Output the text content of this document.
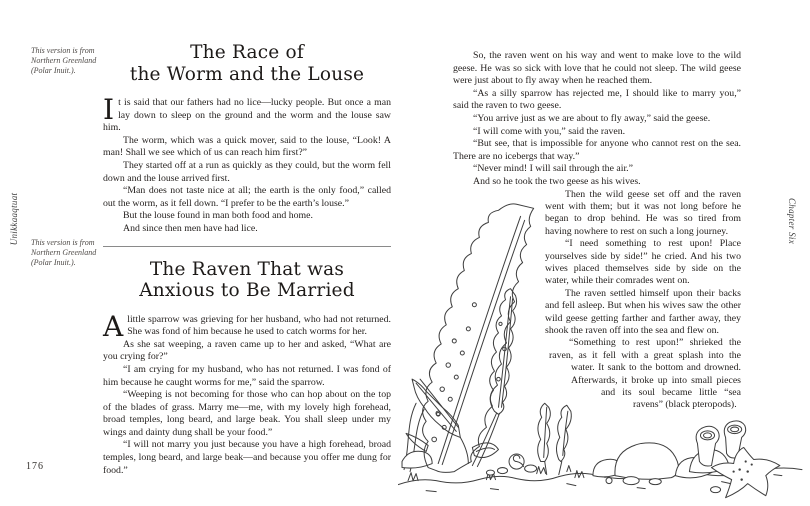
Unikkaaqtuat	Chapter Six
176
This version is from Northern Greenland (Polar Inuit.).
This version is from Northern Greenland (Polar Inuit.).
The Race of
the Worm and the Louse

It is said that our fathers had no lice—lucky people. But once a man lay down to sleep on the ground and the worm and the louse saw him.

The worm, which was a quick mover, said to the louse, “Look! A man! Shall we see which of us can reach him first?”

They started off at a run as quickly as they could, but the worm fell down and the louse arrived first.

“Man does not taste nice at all; the earth is the only food,” called out the worm, as it fell down. “I prefer to be the earth’s louse.”

But the louse found in man both food and home.

And since then men have had lice.

The Raven That was
Anxious to Be Married

Alittle sparrow was grieving for her husband, who had not returned. She was fond of him because he used to catch worms for her.

As she sat weeping, a raven came up to her and asked, “What are you crying for?”

“I am crying for my husband, who has not returned. I was fond of him because he caught worms for me,” said the sparrow.

“Weeping is not becoming for those who can hop about on the top of the blades of grass. Marry me—me, with my lovely high forehead, broad temples, long beard, and large beak. You shall sleep under my wings and dainty dung shall be your food.”

“I will not marry you just because you have a high forehead, broad temples, long beard, and large beak—and because you offer me dung for food.”

So, the raven went on his way and went to make love to the wild geese. He was so sick with love that he could not sleep. The wild geese were just about to fly away when he reached them.

“As a silly sparrow has rejected me, I should like to marry you,” said the raven to two geese.

“You arrive just as we are about to fly away,” said the geese.

“I will come with you,” said the raven.

“But see, that is impossible for anyone who cannot rest on the sea. There are no icebergs that way.”

“Never mind! I will sail through the air.”

And so he took the two geese as his wives.

Then the wild geese set off and the raven went with them; but it was not long before he began to drop behind. He was so tired from having nowhere to rest on such a long journey.

“I need something to rest upon! Place yourselves side by side!” he cried. And his two wives placed themselves side by side on the water, while their comrades went on.

The raven settled himself upon their backs and fell asleep. But when his wives saw the other wild geese getting farther and farther away, they shook the raven off into the sea and flew on.

“Something to rest upon!” shrieked the raven, as it fell with a great splash into the water. It sank to the bottom and drowned. Afterwards, it broke up into small pieces and its soul became little “sea ravens” (black pteropods).
